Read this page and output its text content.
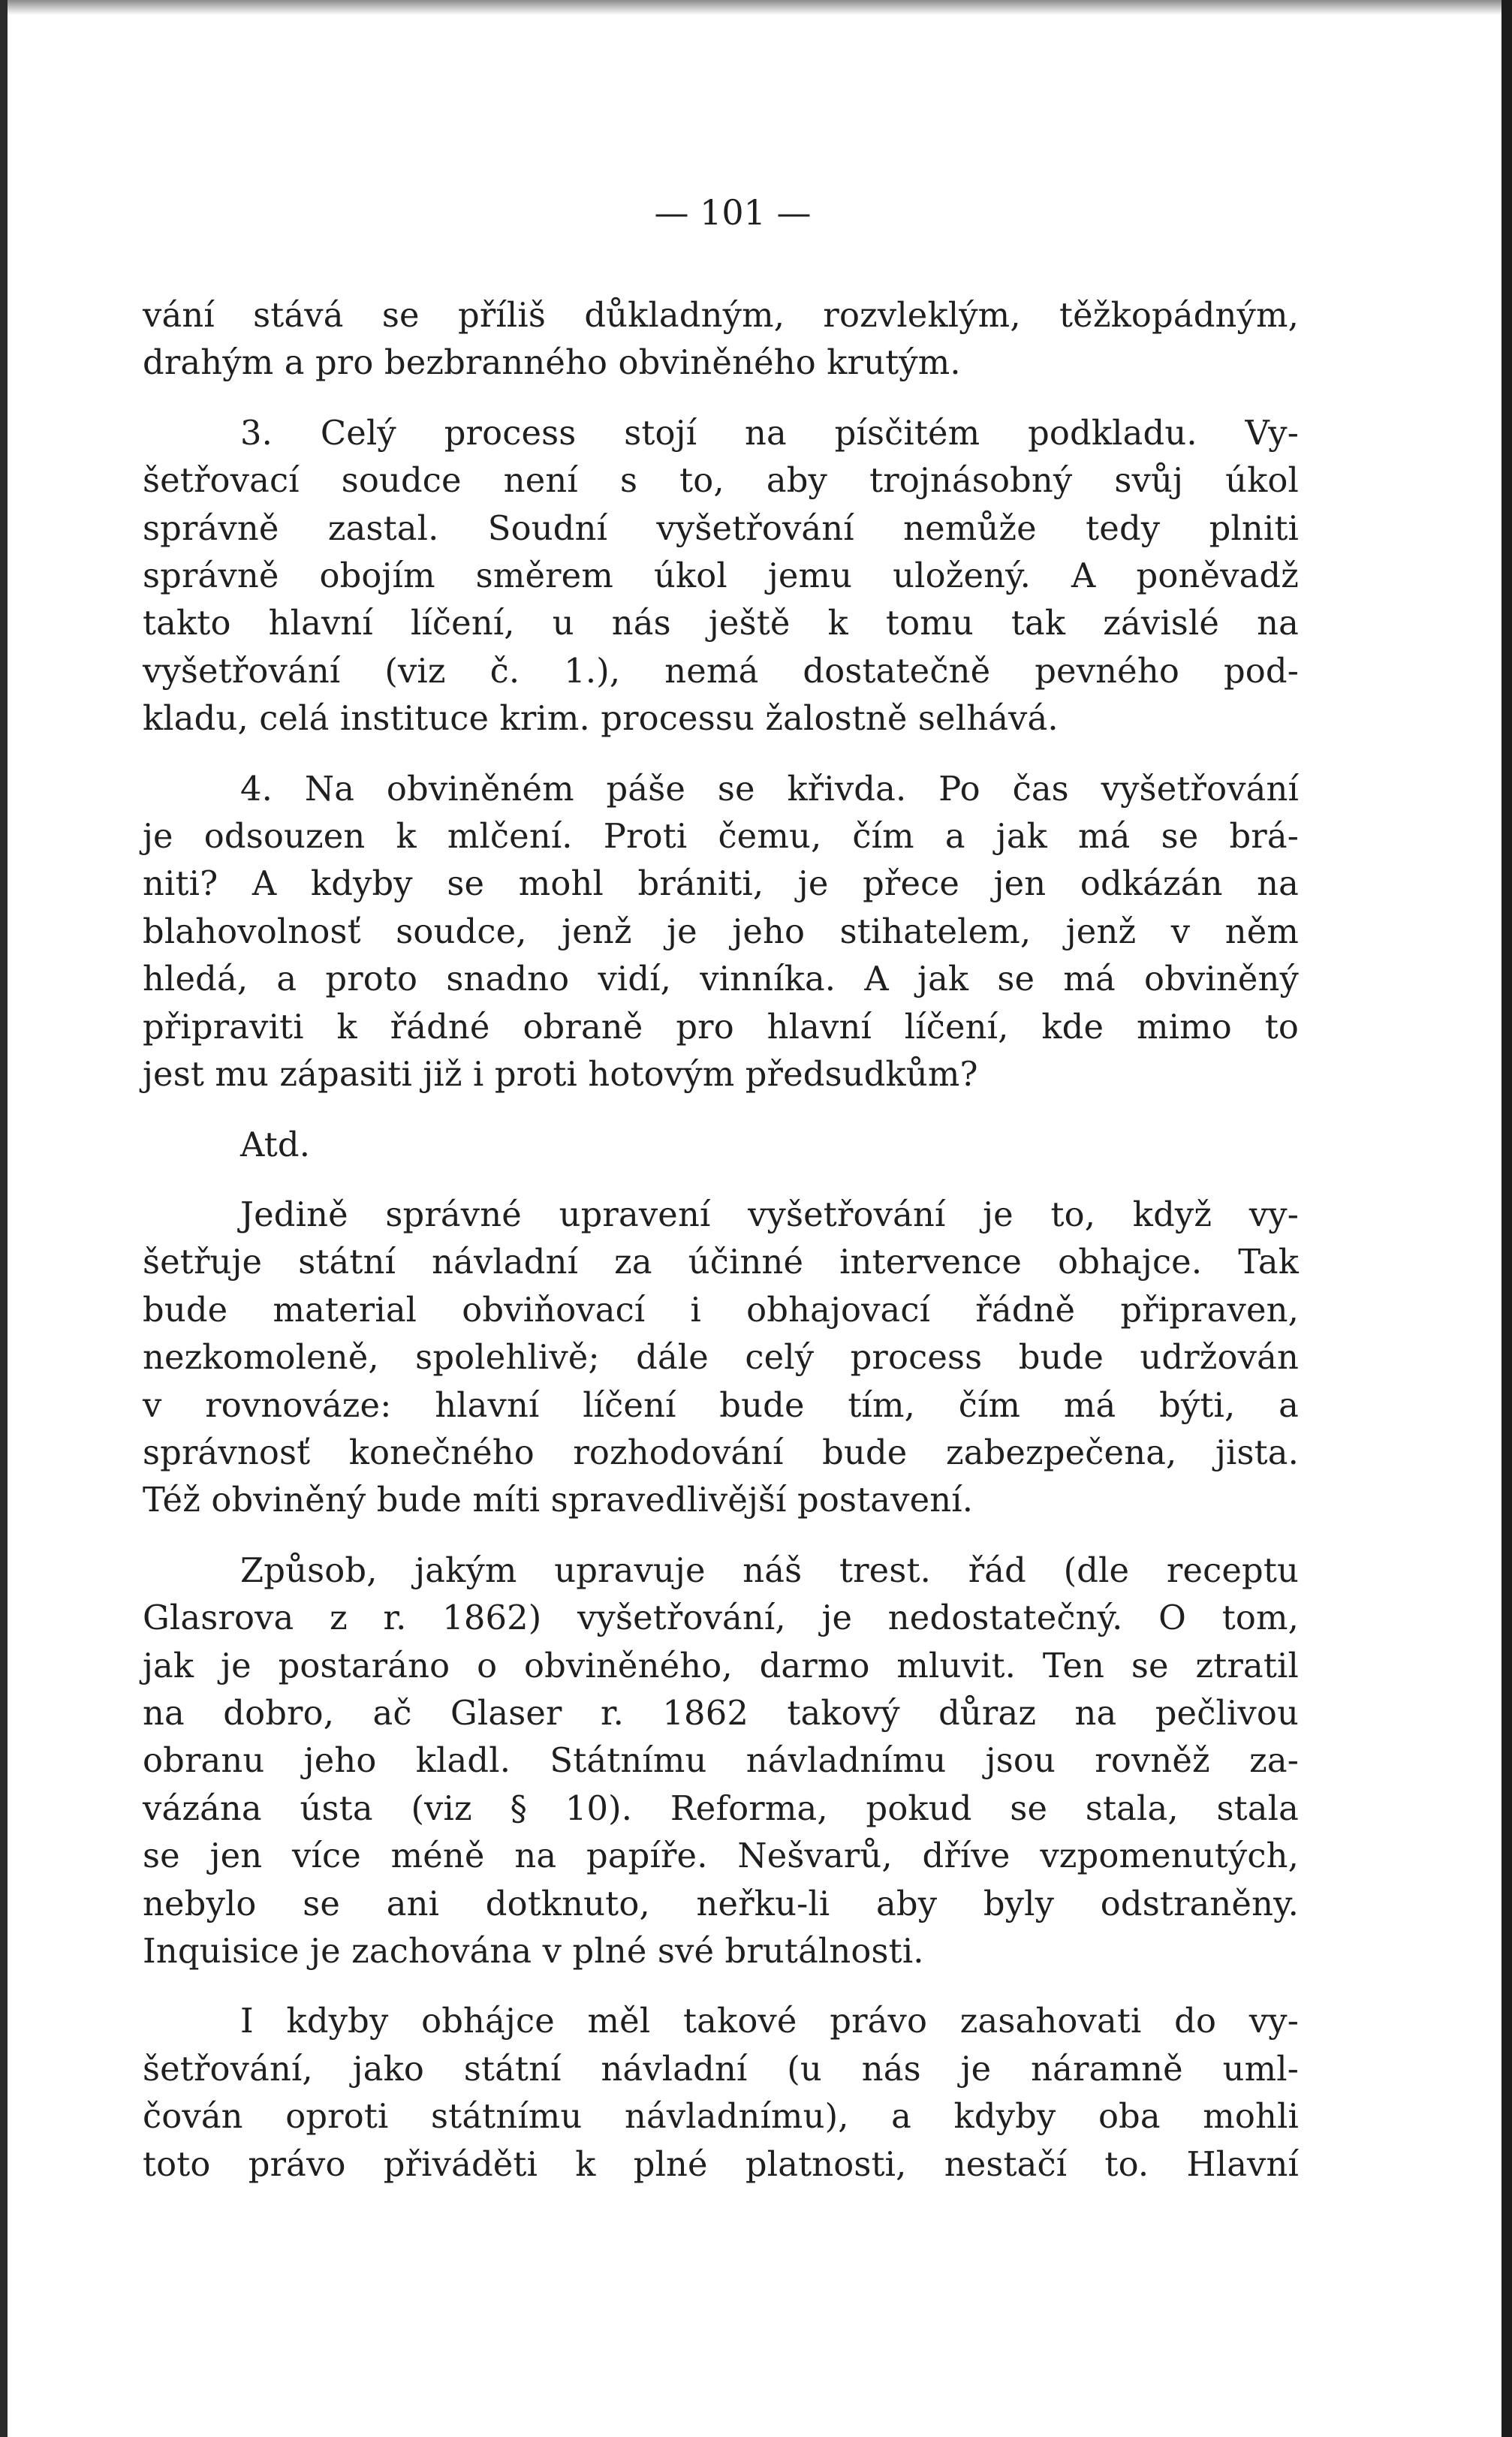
— 101 —

vání stává se příliš důkladným, rozvleklým, těžkopádným,
drahým a pro bezbranného obviněného krutým.

3. Celý process stojí na písčitém podkladu. Vy-
šetřovací soudce není s to, aby trojnásobný svůj úkol
správně zastal. Soudní vyšetřování nemůže tedy plniti
správně obojím směrem úkol jemu uložený. A poněvadž
takto hlavní líčení, u nás ještě k tomu tak závislé na
vyšetřování (viz č. 1.), nemá dostatečně pevného pod-
kladu, celá instituce krim. processu žalostně selhává.

4. Na obviněném páše se křivda. Po čas vyšetřování
je odsouzen k mlčení. Proti čemu, čím a jak má se brá-
niti? A kdyby se mohl brániti, je přece jen odkázán na
blahovolnosť soudce, jenž je jeho stihatelem, jenž v něm
hledá, a proto snadno vidí, vinníka. A jak se má obviněný
připraviti k řádné obraně pro hlavní líčení, kde mimo to
jest mu zápasiti již i proti hotovým předsudkům?

Atd.

Jedině správné upravení vyšetřování je to, když vy-
šetřuje státní návladní za účinné intervence obhajce. Tak
bude material obviňovací i obhajovací řádně připraven,
nezkomoleně, spolehlivě; dále celý process bude udržován
v rovnováze: hlavní líčení bude tím, čím má býti, a
správnosť konečného rozhodování bude zabezpečena, jista.
Též obviněný bude míti spravedlivější postavení.

Způsob, jakým upravuje náš trest. řád (dle receptu
Glasrova z r. 1862) vyšetřování, je nedostatečný. O tom,
jak je postaráno o obviněného, darmo mluvit. Ten se ztratil
na dobro, ač Glaser r. 1862 takový důraz na pečlivou
obranu jeho kladl. Státnímu návladnímu jsou rovněž za-
vázána ústa (viz § 10). Reforma, pokud se stala, stala
se jen více méně na papíře. Nešvarů, dříve vzpomenutých,
nebylo se ani dotknuto, neřku-li aby byly odstraněny.
Inquisice je zachována v plné své brutálnosti.

I kdyby obhájce měl takové právo zasahovati do vy-
šetřování, jako státní návladní (u nás je náramně uml-
čován oproti státnímu návladnímu), a kdyby oba mohli
toto právo přiváděti k plné platnosti, nestačí to. Hlavní
